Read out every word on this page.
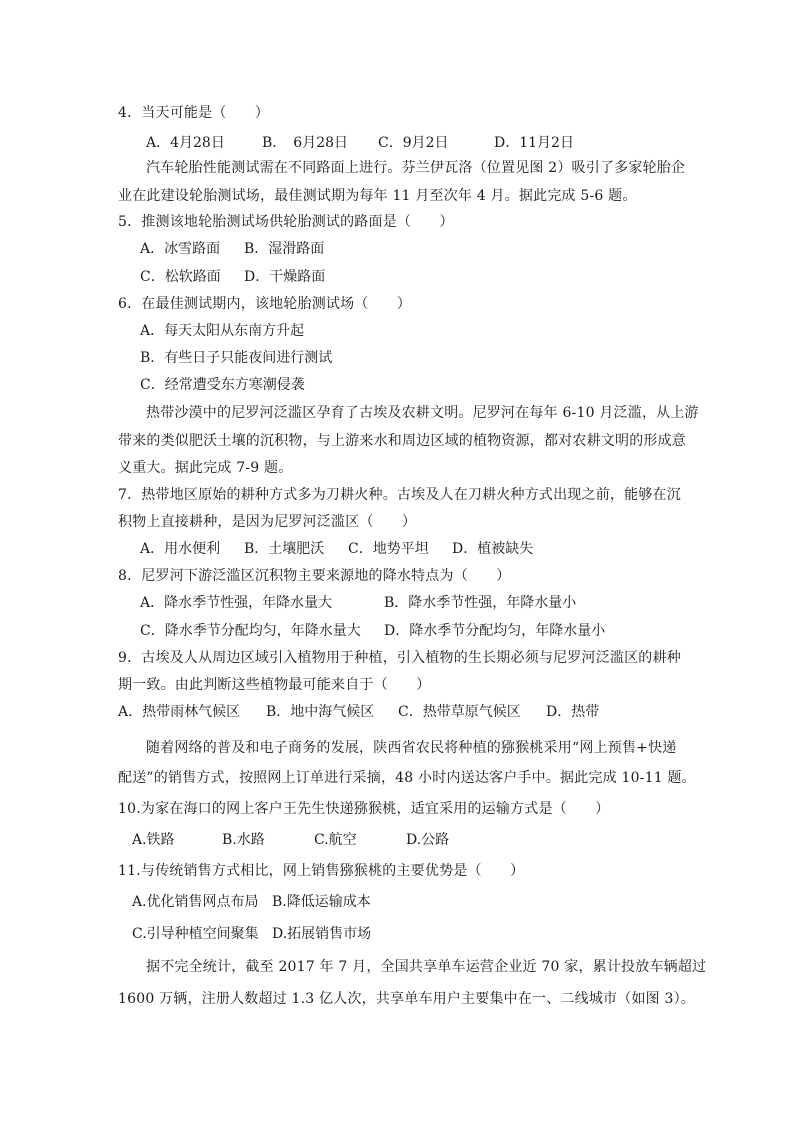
4．当天可能是（　　）
A．4月28日	B．　6月28日 C．9月2日	D．11月2日
汽车轮胎性能测试需在不同路面上进行。芬兰伊瓦洛（位置见图 2）吸引了多家轮胎企
业在此建设轮胎测试场，最佳测试期为每年 11 月至次年 4 月。据此完成 5-6 题。
5．推测该地轮胎测试场供轮胎测试的路面是（　　）
A．冰雪路面 B．湿滑路面
C．松软路面 D．干燥路面
6．在最佳测试期内，该地轮胎测试场（　　）
A．每天太阳从东南方升起
B．有些日子只能夜间进行测试
C．经常遭受东方寒潮侵袭
热带沙漠中的尼罗河泛滥区孕育了古埃及农耕文明。尼罗河在每年 6-10 月泛滥，从上游
带来的类似肥沃土壤的沉积物，与上游来水和周边区域的植物资源，都对农耕文明的形成意
义重大。据此完成 7-9 题。
7．热带地区原始的耕种方式多为刀耕火种。古埃及人在刀耕火种方式出现之前，能够在沉
积物上直接耕种，是因为尼罗河泛滥区（　　）
A．用水便利 B．土壤肥沃 C．地势平坦 D．植被缺失
8．尼罗河下游泛滥区沉积物主要来源地的降水特点为（　　）
A．降水季节性强，年降水量大	B．降水季节性强，年降水量小
C．降水季节分配均匀，年降水量大 D．降水季节分配均匀，年降水量小
9．古埃及人从周边区域引入植物用于种植，引入植物的生长期必须与尼罗河泛滥区的耕种
期一致。由此判断这些植物最可能来自于（　　）
A．热带雨林气候区 B．地中海气候区 C．热带草原气候区 D．热带
随着网络的普及和电子商务的发展，陕西省农民将种植的猕猴桃采用“网上预售+快递
配送”的销售方式，按照网上订单进行采摘，48 小时内送达客户手中。据此完成 10-11 题。
10.为家在海口的网上客户王先生快递猕猴桃，适宜采用的运输方式是（　　）
A.铁路	B.水路	C.航空	D.公路
11.与传统销售方式相比，网上销售猕猴桃的主要优势是（　　）
A.优化销售网点布局 B.降低运输成本
C.引导种植空间聚集 D.拓展销售市场
据不完全统计，截至 2017 年 7 月，全国共享单车运营企业近 70 家，累计投放车辆超过
1600 万辆，注册人数超过 1.3 亿人次，共享单车用户主要集中在一、二线城市（如图 3）。
